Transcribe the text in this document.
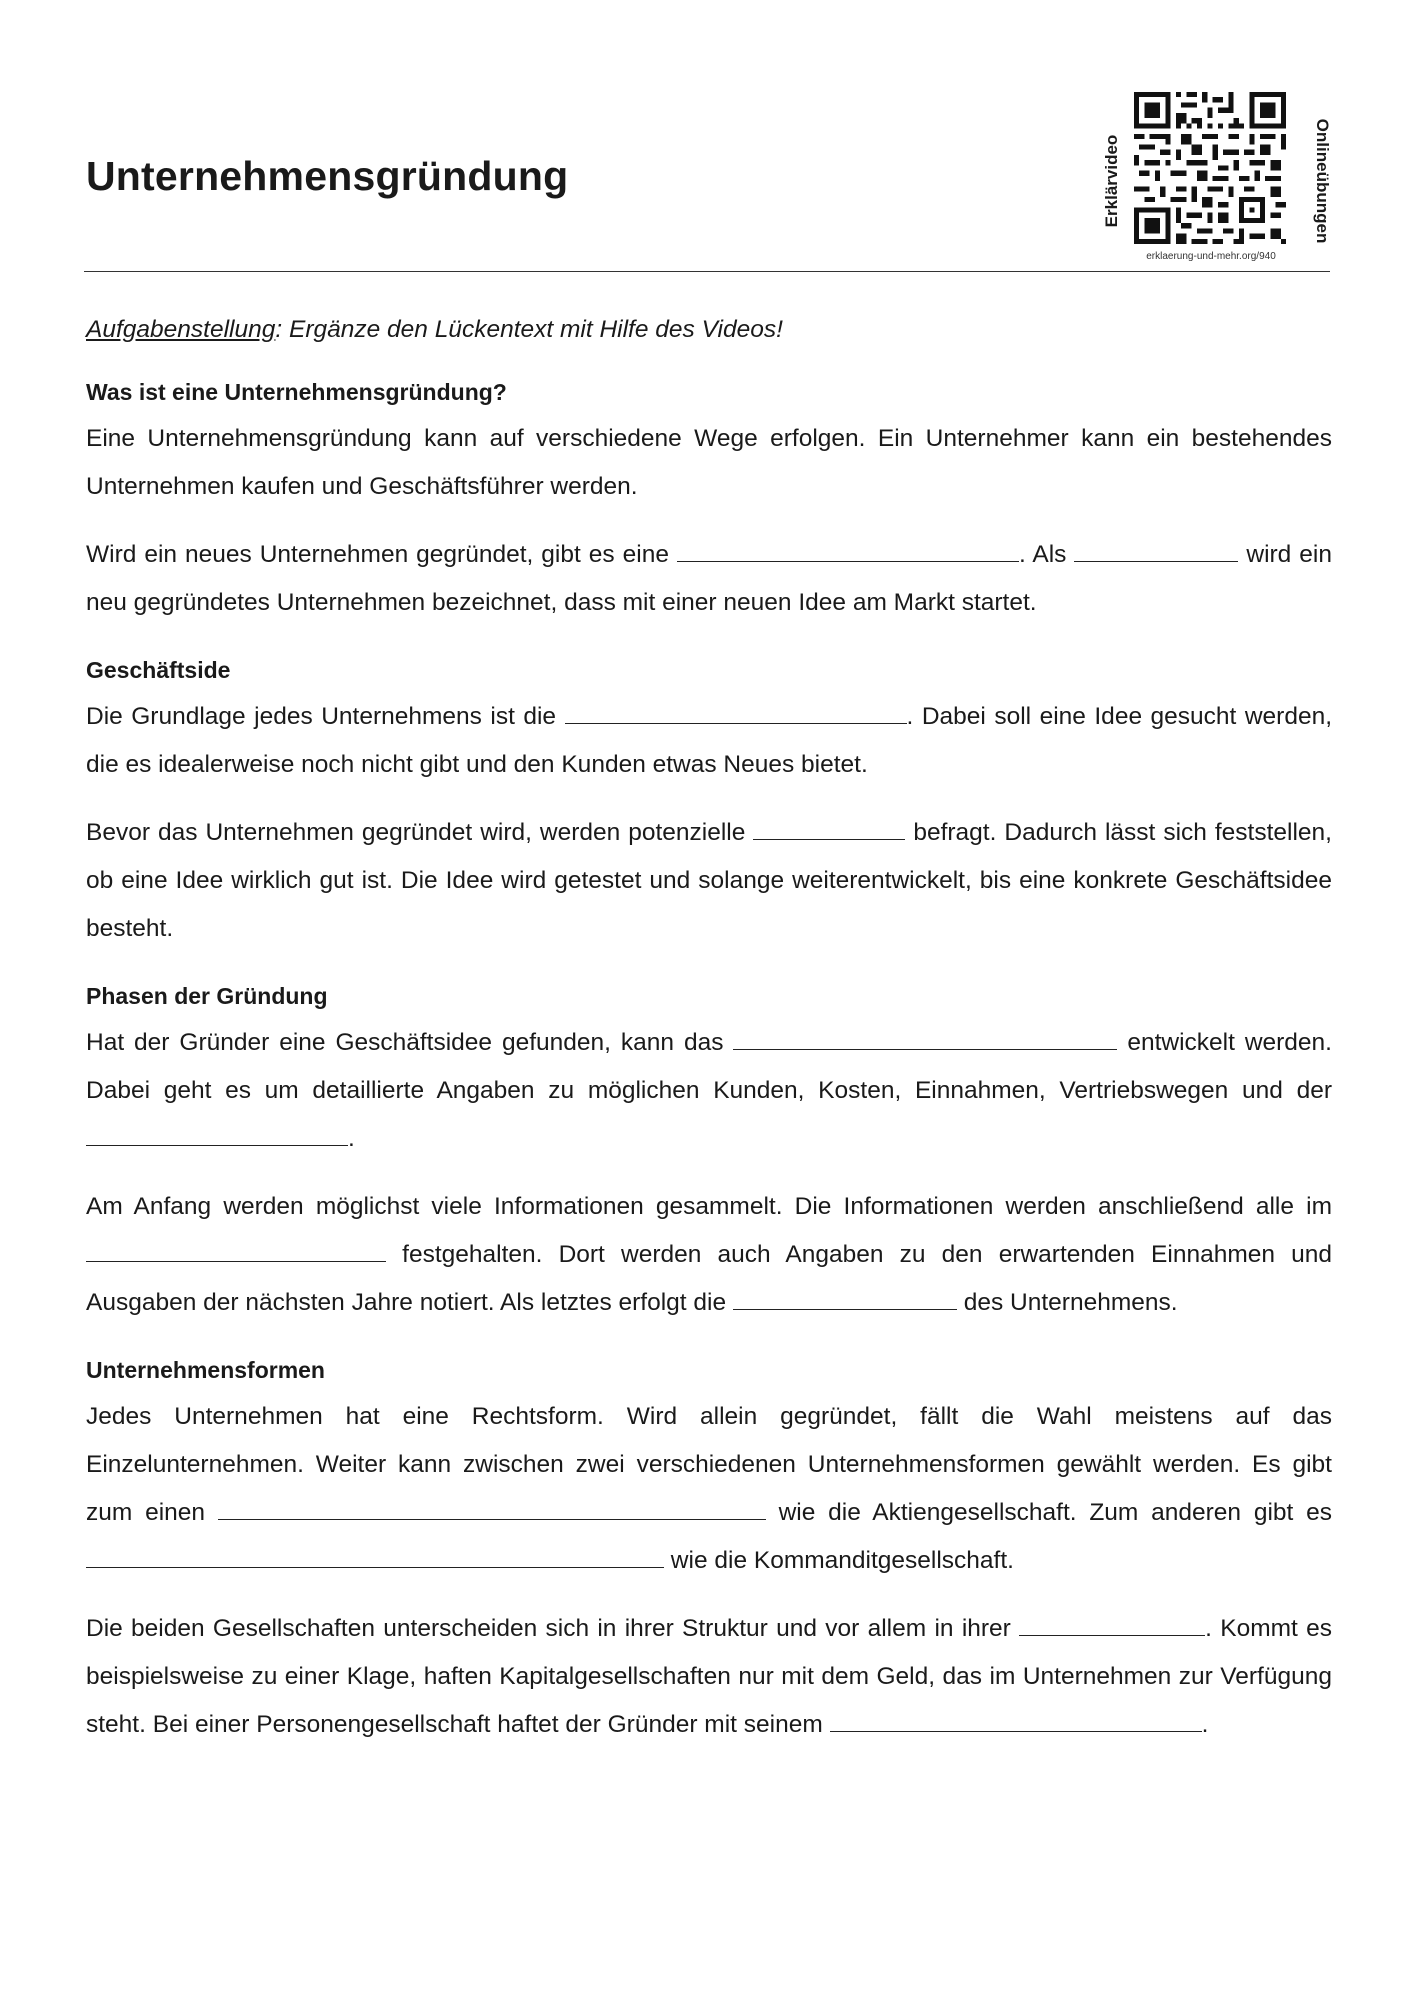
Unternehmensgründung	Erklärvideo
erklaerung-und-mehr.org/940
Onlineübungen

Aufgabenstellung: Ergänze den Lückentext mit Hilfe des Videos!

Was ist eine Unternehmensgründung?

Eine Unternehmensgründung kann auf verschiedene Wege erfolgen. Ein Unternehmer kann ein bestehendes Unternehmen kaufen und Geschäftsführer werden.

Wird ein neues Unternehmen gegründet, gibt es eine	. Als	wird ein neu gegründetes Unternehmen bezeichnet, dass mit einer neuen Idee am Markt startet.

Geschäftside

Die Grundlage jedes Unternehmens ist die	. Dabei soll eine Idee gesucht werden, die es idealerweise noch nicht gibt und den Kunden etwas Neues bietet.

Bevor das Unternehmen gegründet wird, werden potenzielle	befragt. Dadurch lässt sich feststellen, ob eine Idee wirklich gut ist. Die Idee wird getestet und solange weiterentwickelt, bis eine konkrete Geschäftsidee besteht.

Phasen der Gründung

Hat der Gründer eine Geschäftsidee gefunden, kann das	entwickelt werden. Dabei geht es um detaillierte Angaben zu möglichen Kunden, Kosten, Einnahmen, Vertriebswegen und der .

Am Anfang werden möglichst viele Informationen gesammelt. Die Informationen werden anschließend alle im  festgehalten. Dort werden auch Angaben zu den erwartenden Einnahmen und Ausgaben der nächsten Jahre notiert. Als letztes erfolgt die	des Unternehmens.

Unternehmensformen

Jedes Unternehmen hat eine Rechtsform. Wird allein gegründet, fällt die Wahl meistens auf das Einzelunternehmen. Weiter kann zwischen zwei verschiedenen Unternehmensformen gewählt werden. Es gibt zum einen	wie die Aktiengesellschaft. Zum anderen gibt es  wie die Kommanditgesellschaft.

Die beiden Gesellschaften unterscheiden sich in ihrer Struktur und vor allem in ihrer	. Kommt es beispielsweise zu einer Klage, haften Kapitalgesellschaften nur mit dem Geld, das im Unternehmen zur Verfügung steht. Bei einer Personengesellschaft haftet der Gründer mit seinem	.
